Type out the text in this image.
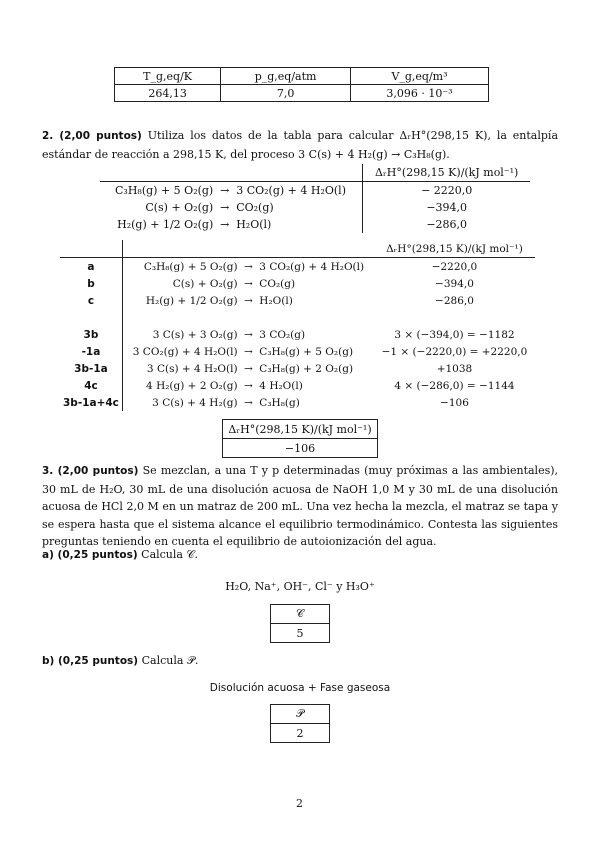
T_g,eq/K	p_g,eq/atm	V_g,eq/m³
264,13	7,0	3,096 · 10⁻³
2. (2,00 puntos) Utiliza los datos de la tabla para calcular ΔᵣH°(298,15 K), la entalpía estándar de reacción a 298,15 K, del proceso 3 C(s) + 4 H₂(g) → C₃H₈(g).
			ΔᵣH°(298,15 K)/(kJ mol⁻¹)
C₃H₈(g) + 5 O₂(g)	→	3 CO₂(g) + 4 H₂O(l)	− 2220,0
C(s) + O₂(g)	→	CO₂(g)	−394,0
H₂(g) + 1/2 O₂(g)	→	H₂O(l)	−286,0
				ΔᵣH°(298,15 K)/(kJ mol⁻¹)
a	C₃H₈(g) + 5 O₂(g)	→	3 CO₂(g) + 4 H₂O(l)	−2220,0
b	C(s) + O₂(g)	→	CO₂(g)	−394,0
c	H₂(g) + 1/2 O₂(g)	→	H₂O(l)	−286,0

3b	3 C(s) + 3 O₂(g)	→	3 CO₂(g)	3 × (−394,0) = −1182
-1a	3 CO₂(g) + 4 H₂O(l)	→	C₃H₈(g) + 5 O₂(g)	−1 × (−2220,0) = +2220,0
3b-1a	3 C(s) + 4 H₂O(l)	→	C₃H₈(g) + 2 O₂(g)	+1038
4c	4 H₂(g) + 2 O₂(g)	→	4 H₂O(l)	4 × (−286,0) = −1144
3b-1a+4c	3 C(s) + 4 H₂(g)	→	C₃H₈(g)	−106
ΔᵣH°(298,15 K)/(kJ mol⁻¹)
−106
3. (2,00 puntos) Se mezclan, a una T y p determinadas (muy próximas a las ambientales), 30 mL de H₂O, 30 mL de una disolución acuosa de NaOH 1,0 M y 30 mL de una disolución acuosa de HCl 2,0 M en un matraz de 200 mL. Una vez hecha la mezcla, el matraz se tapa y se espera hasta que el sistema alcance el equilibrio termodinámico. Contesta las siguientes preguntas teniendo en cuenta el equilibrio de autoionización del agua.
a) (0,25 puntos) Calcula 𝒞.
H₂O, Na⁺, OH⁻, Cl⁻ y H₃O⁺
𝒞
5
b) (0,25 puntos) Calcula 𝒫.
Disolución acuosa + Fase gaseosa
𝒫
2
2
